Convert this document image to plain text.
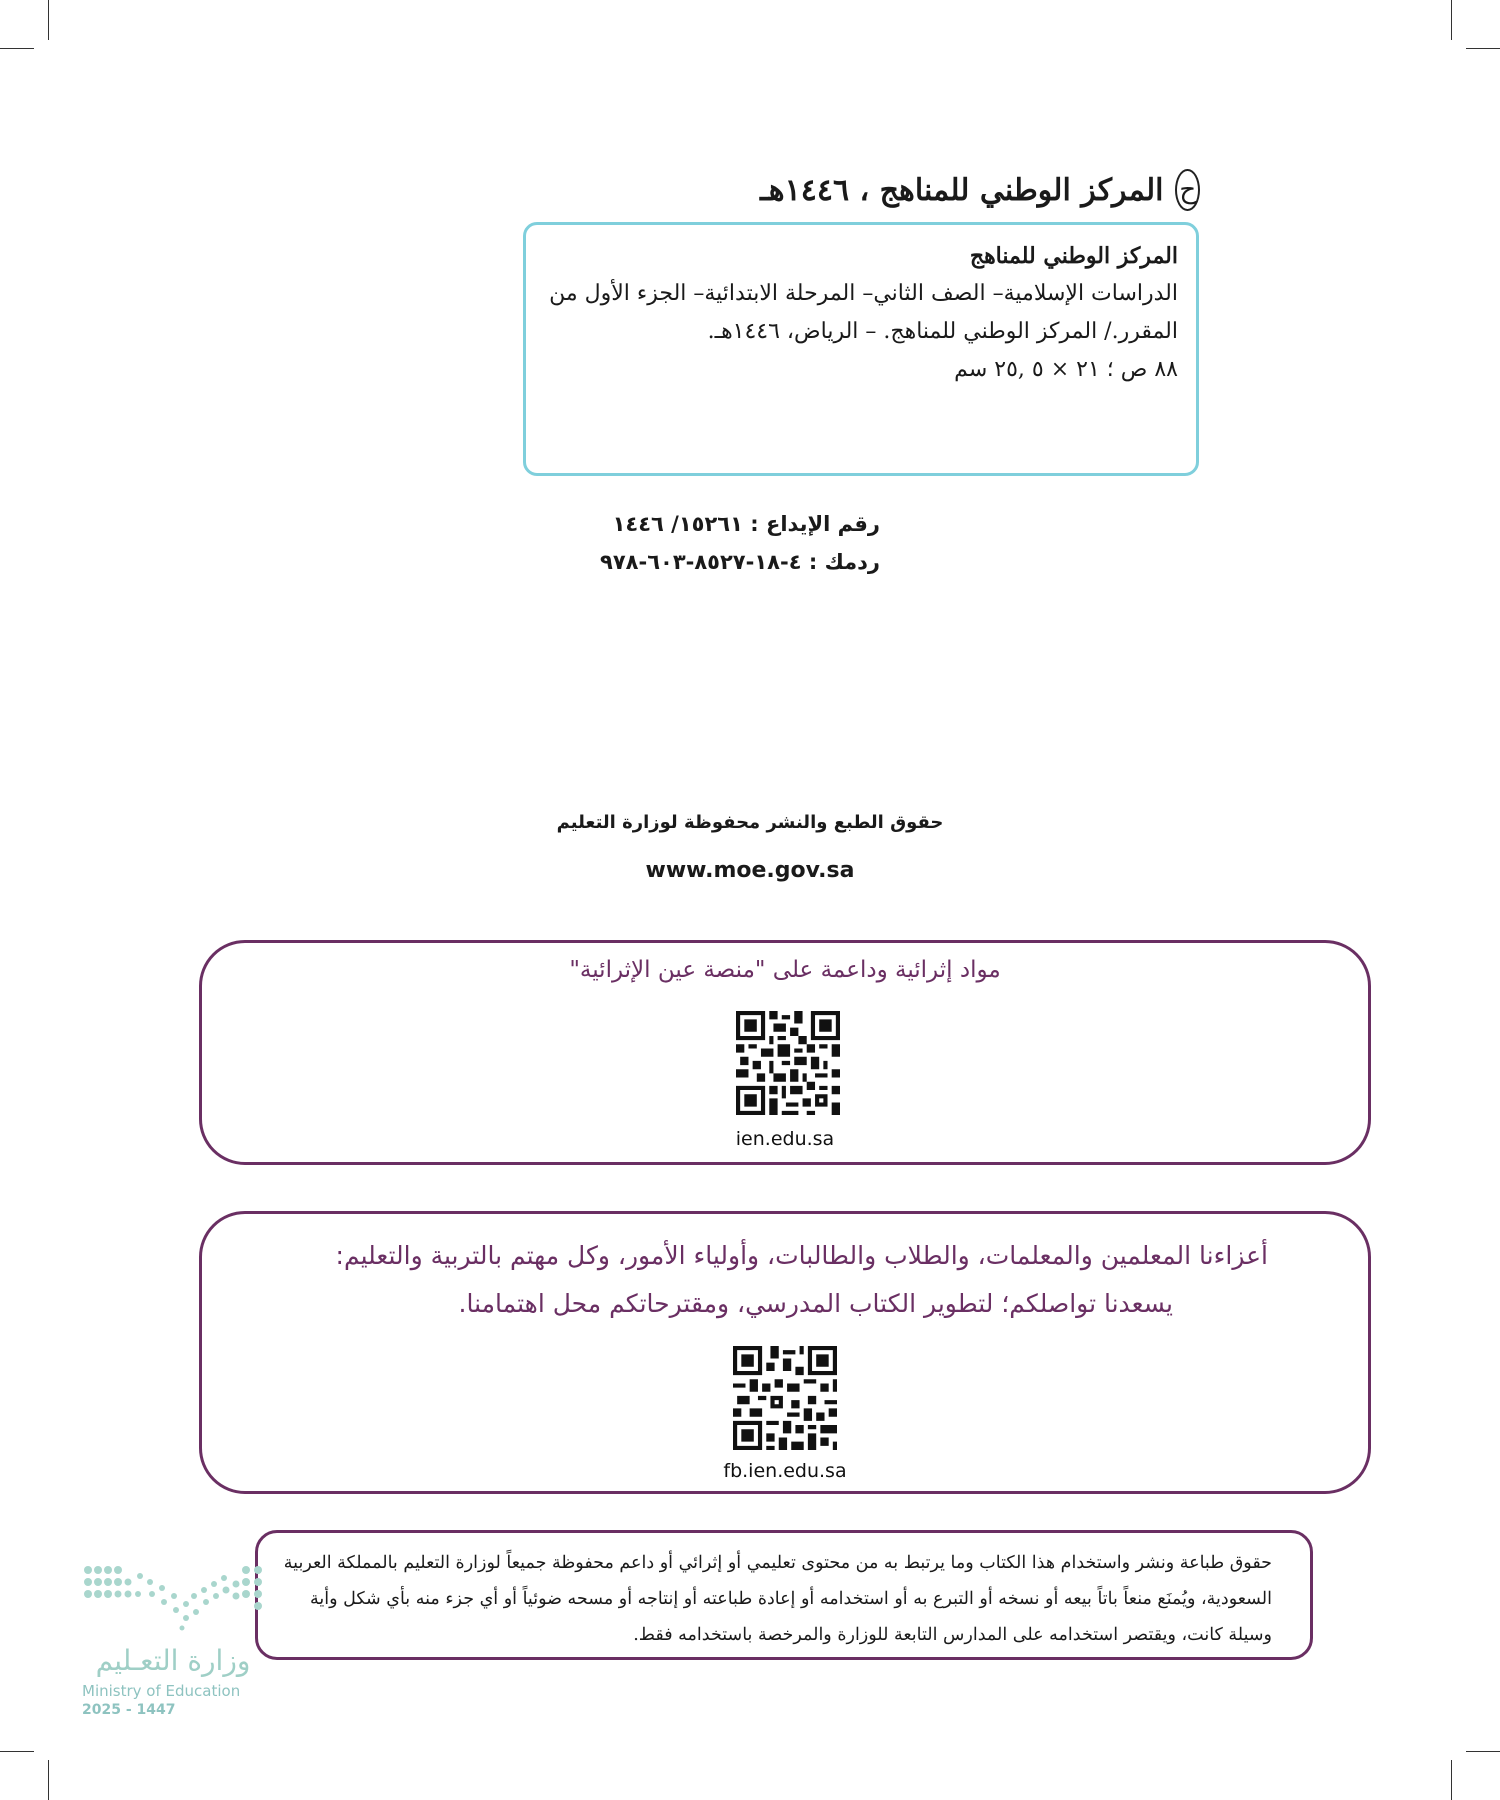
ح
المركز الوطني للمناهج ، ١٤٤٦هـ
المركز الوطني للمناهج
الدراسات الإسلامية– الصف الثاني– المرحلة الابتدائية– الجزء الأول من
المقرر./ المركز الوطني للمناهج. – الرياض، ١٤٤٦هـ.
٨٨ ص ؛ ٢١ × ٥ ,٢٥ سم
رقم الإيداع : ١٥٢٦١/ ١٤٤٦
ردمك : ٤-١٨-٨٥٢٧-٦٠٣-٩٧٨
حقوق الطبع والنشر محفوظة لوزارة التعليم
www.moe.gov.sa
مواد إثرائية وداعمة على "منصة عين الإثرائية"
ien.edu.sa
أعزاءنا المعلمين والمعلمات، والطلاب والطالبات، وأولياء الأمور، وكل مهتم بالتربية والتعليم:
يسعدنا تواصلكم؛ لتطوير الكتاب المدرسي، ومقترحاتكم محل اهتمامنا.
fb.ien.edu.sa
حقوق طباعة ونشر واستخدام هذا الكتاب وما يرتبط به من محتوى تعليمي أو إثرائي أو داعم محفوظة جميعاً لوزارة التعليم بالمملكة العربية
السعودية، ويُمنَع منعاً باتاً بيعه أو نسخه أو التبرع به أو استخدامه أو إعادة طباعته أو إنتاجه أو مسحه ضوئياً أو أي جزء منه بأي شكل وأية
وسيلة كانت، ويقتصر استخدامه على المدارس التابعة للوزارة والمرخصة باستخدامه فقط.
وزارة التعـليم
Ministry of Education
2025 - 1447
